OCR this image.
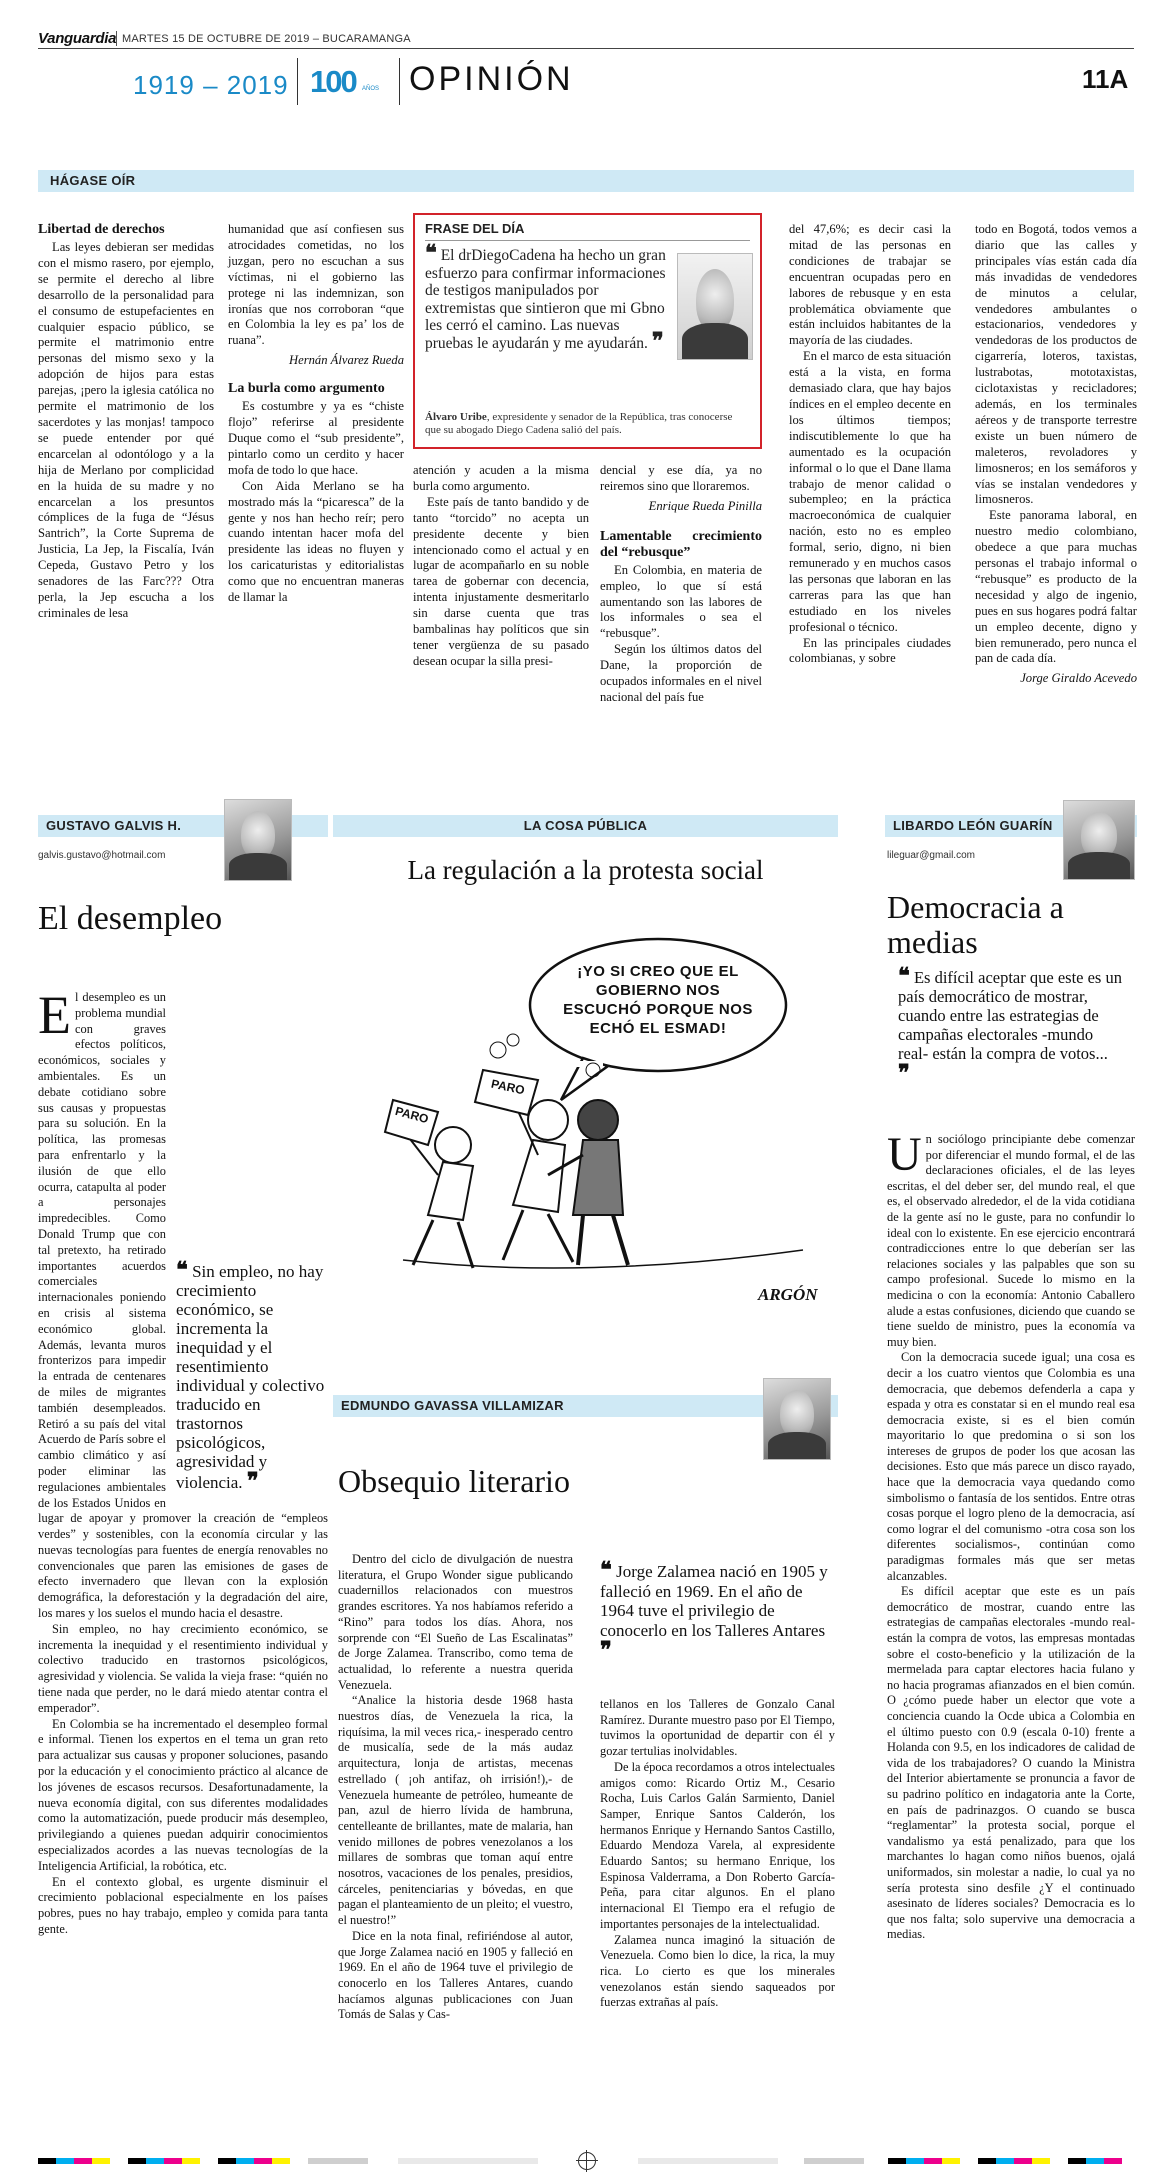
Vanguardia MARTES 15 DE OCTUBRE DE 2019 – BUCARAMANGA
1919 – 2019 100 AÑOS OPINIÓN	11A
HÁGASE OÍR
Libertad de derechos

Las leyes debieran ser medidas con el mismo rasero, por ejemplo, se permite el derecho al libre desarrollo de la personalidad para el consumo de estupefacientes en cualquier espacio público, se permite el matrimonio entre personas del mismo sexo y la adopción de hijos para estas parejas, ¡pero la iglesia católica no permite el matrimonio de los sacerdotes y las monjas! tampoco se puede entender por qué encarcelan al odontólogo y a la hija de Merlano por complicidad en la huida de su madre y no encarcelan a los presuntos cómplices de la fuga de “Jésus Santrich”, la Corte Suprema de Justicia, La Jep, la Fiscalía, Iván Cepeda, Gustavo Petro y los senadores de las Farc??? Otra perla, la Jep escucha a los criminales de lesa

humanidad que así confiesen sus atrocidades cometidas, no los juzgan, pero no escuchan a sus víctimas, ni el gobierno las protege ni las indemnizan, son ironías que nos corroboran “que en Colombia la ley es pa’ los de ruana”.

Hernán Álvarez Rueda

La burla como argumento

Es costumbre y ya es “chiste flojo” referirse al presidente Duque como el “sub presidente”, pintarlo como un cerdito y hacer mofa de todo lo que hace.

Con Aida Merlano se ha mostrado más la “picaresca” de la gente y nos han hecho reír; pero cuando intentan hacer mofa del presidente las ideas no fluyen y los caricaturistas y editorialistas como que no encuentran maneras de llamar la

FRASE DEL DÍA
❝ El drDiegoCadena ha hecho un gran esfuerzo para confirmar informaciones de testigos manipulados por extremistas que sintieron que mi Gbno les cerró el camino. Las nuevas pruebas le ayudarán y me ayudarán. ❞
Álvaro Uribe, expresidente y senador de la República, tras conocerse que su abogado Diego Cadena salió del país.

atención y acuden a la misma burla como argumento.

Este país de tanto bandido y de tanto “torcido” no acepta un presidente decente y bien intencionado como el actual y en lugar de acompañarlo en su noble tarea de gobernar con decencia, intenta injustamente desmeritarlo sin darse cuenta que tras bambalinas hay políticos que sin tener vergüenza de su pasado desean ocupar la silla presi-

dencial y ese día, ya no reiremos sino que lloraremos.

Enrique Rueda Pinilla

Lamentable crecimiento del “rebusque”

En Colombia, en materia de empleo, lo que sí está aumentando son las labores de los informales o sea el “rebusque”.

Según los últimos datos del Dane, la proporción de ocupados informales en el nivel nacional del país fue

del 47,6%; es decir casi la mitad de las personas en condiciones de trabajar se encuentran ocupadas pero en labores de rebusque y en esta problemática obviamente que están incluidos habitantes de la mayoría de las ciudades.

En el marco de esta situación está a la vista, en forma demasiado clara, que hay bajos índices en el empleo decente en los últimos tiempos; indiscutiblemente lo que ha aumentado es la ocupación informal o lo que el Dane llama trabajo de menor calidad o subempleo; en la práctica macroeconómica de cualquier nación, esto no es empleo formal, serio, digno, ni bien remunerado y en muchos casos las personas que laboran en las carreras para las que han estudiado en los niveles profesional o técnico.

En las principales ciudades colombianas, y sobre

todo en Bogotá, todos vemos a diario que las calles y principales vías están cada día más invadidas de vendedores de minutos a celular, vendedores ambulantes o estacionarios, vendedores y vendedoras de los productos de cigarrería, loteros, taxistas, lustrabotas, mototaxistas, ciclotaxistas y recicladores; además, en los terminales aéreos y de transporte terrestre existe un buen número de maleteros, revoladores y limosneros; en los semáforos y vías se instalan vendedores y limosneros.

Este panorama laboral, en nuestro medio colombiano, obedece a que para muchas personas el trabajo informal o “rebusque” es producto de la necesidad y algo de ingenio, pues en sus hogares podrá faltar un empleo decente, digno y bien remunerado, pero nunca el pan de cada día.

Jorge Giraldo Acevedo

GUSTAVO GALVIS H.
galvis.gustavo@hotmail.com
El desempleo
E
❝ Sin empleo, no hay crecimiento económico, se incrementa la inequidad y el resentimiento individual y colectivo traducido en trastornos psicológicos, agresividad y violencia. ❞

l desempleo es un problema mundial con graves efectos políticos, económicos, sociales y ambientales. Es un debate cotidiano sobre sus causas y propuestas para su solución. En la política, las promesas para enfrentarlo y la ilusión de que ello ocurra, catapulta al poder a personajes impredecibles. Como Donald Trump que con tal pretexto, ha retirado importantes acuerdos comerciales internacionales poniendo en crisis al sistema económico global. Además, levanta muros fronterizos para impedir la entrada de centenares de miles de migrantes también desempleados. Retiró a su país del vital Acuerdo de París sobre el cambio climático y así poder eliminar las regulaciones ambientales de los Estados Unidos en lugar de apoyar y promover la creación de “empleos verdes” y sostenibles, con la economía circular y las nuevas tecnologías para fuentes de energía renovables no convencionales que paren las emisiones de gases de efecto invernadero que llevan con la explosión demográfica, la deforestación y la degradación del aire, los mares y los suelos el mundo hacia el desastre.

Sin empleo, no hay crecimiento económico, se incrementa la inequidad y el resentimiento individual y colectivo traducido en trastornos psicológicos, agresividad y violencia. Se valida la vieja frase: “quién no tiene nada que perder, no le dará miedo atentar contra el emperador”.

En Colombia se ha incrementado el desempleo formal e informal. Tienen los expertos en el tema un gran reto para actualizar sus causas y proponer soluciones, pasando por la educación y el conocimiento práctico al alcance de los jóvenes de escasos recursos. Desafortunadamente, la nueva economía digital, con sus diferentes modalidades como la automatización, puede producir más desempleo, privilegiando a quienes puedan adquirir conocimientos especializados acordes a las nuevas tecnologías de la Inteligencia Artificial, la robótica, etc.

En el contexto global, es urgente disminuir el crecimiento poblacional especialmente en los países pobres, pues no hay trabajo, empleo y comida para tanta gente.

LA COSA PÚBLICA
La regulación a la protesta social
¡YO SI CREO QUE EL GOBIERNO NOS ESCUCHÓ PORQUE NOS ECHÓ EL ESMAD!
PARO
PARO
ARGÓN
EDMUNDO GAVASSA VILLAMIZAR
Obsequio literario

Dentro del ciclo de divulgación de nuestra literatura, el Grupo Wonder sigue publicando cuadernillos relacionados con muestros grandes escritores. Ya nos habíamos referido a “Rino” para todos los días. Ahora, nos sorprende con “El Sueño de Las Escalinatas” de Jorge Zalamea. Transcribo, como tema de actualidad, lo referente a nuestra querida Venezuela.

“Analice la historia desde 1968 hasta nuestros días, de Venezuela la rica, la riquísima, la mil veces rica,- inesperado centro de musicalía, sede de la más audaz arquitectura, lonja de artistas, mecenas estrellado ( ¡oh antifaz, oh irrisión!),- de Venezuela humeante de petróleo, humeante de pan, azul de hierro lívida de hambruna, centelleante de brillantes, mate de malaria, han venido millones de pobres venezolanos a los millares de sombras que toman aquí entre nosotros, vacaciones de los penales, presidios, cárceles, penitenciarias y bóvedas, en que pagan el planteamiento de un pleito; el vuestro, el nuestro!”

Dice en la nota final, refiriéndose al autor, que Jorge Zalamea nació en 1905 y falleció en 1969. En el año de 1964 tuve el privilegio de conocerlo en los Talleres Antares, cuando hacíamos algunas publicaciones con Juan Tomás de Salas y Cas-

❝ Jorge Zalamea nació en 1905 y falleció en 1969. En el año de 1964 tuve el privilegio de conocerlo en los Talleres Antares ❞

tellanos en los Talleres de Gonzalo Canal Ramírez. Durante muestro paso por El Tiempo, tuvimos la oportunidad de departir con él y gozar tertulias inolvidables.

De la época recordamos a otros intelectuales amigos como: Ricardo Ortiz M., Cesario Rocha, Luis Carlos Galán Sarmiento, Daniel Samper, Enrique Santos Calderón, los hermanos Enrique y Hernando Santos Castillo, Eduardo Mendoza Varela, al expresidente Eduardo Santos; su hermano Enrique, los Espinosa Valderrama, a Don Roberto García-Peña, para citar algunos. En el plano internacional El Tiempo era el refugio de importantes personajes de la intelectualidad.

Zalamea nunca imaginó la situación de Venezuela. Como bien lo dice, la rica, la muy rica. Lo cierto es que los minerales venezolanos están siendo saqueados por fuerzas extrañas al país.

LIBARDO LEÓN GUARÍN
lileguar@gmail.com
Democracia a medias
❝ Es difícil aceptar que este es un país democrático de mostrar, cuando entre las estrategias de campañas electorales -mundo real- están la compra de votos... ❞
U n sociólogo principiante debe comenzar por diferenciar el mundo formal, el de las declaraciones oficiales, el de las leyes escritas, el del deber ser, del mundo real, el que es, el observado alrededor, el de la vida cotidiana de la gente así no le guste, para no confundir lo ideal con lo existente. En ese ejercicio encontrará contradicciones entre lo que deberían ser las relaciones sociales y las palpables que son su campo profesional. Sucede lo mismo en la medicina o con la economía: Antonio Caballero alude a estas confusiones, diciendo que cuando se tiene sueldo de ministro, pues la economía va muy bien.

Con la democracia sucede igual; una cosa es decir a los cuatro vientos que Colombia es una democracia, que debemos defenderla a capa y espada y otra es constatar si en el mundo real esa democracia existe, si es el bien común mayoritario lo que predomina o si son los intereses de grupos de poder los que acosan las decisiones. Esto que más parece un disco rayado, hace que la democracia vaya quedando como simbolismo o fantasía de los sentidos. Entre otras cosas porque el logro pleno de la democracia, así como lograr el del comunismo -otra cosa son los diferentes socialismos-, continúan como paradigmas formales más que ser metas alcanzables.

Es difícil aceptar que este es un país democrático de mostrar, cuando entre las estrategias de campañas electorales -mundo real- están la compra de votos, las empresas montadas sobre el costo-beneficio y la utilización de la mermelada para captar electores hacia fulano y no hacia programas afianzados en el bien común. O ¿cómo puede haber un elector que vote a conciencia cuando la Ocde ubica a Colombia en el último puesto con 0.9 (escala 0-10) frente a Holanda con 9.5, en los indicadores de calidad de vida de los trabajadores? O cuando la Ministra del Interior abiertamente se pronuncia a favor de su padrino político en indagatoria ante la Corte, en país de padrinazgos. O cuando se busca “reglamentar” la protesta social, porque el vandalismo ya está penalizado, para que los marchantes lo hagan como niños buenos, ojalá uniformados, sin molestar a nadie, lo cual ya no sería protesta sino desfile ¿Y el continuado asesinato de líderes sociales? Democracia es lo que nos falta; solo supervive una democracia a medias.
